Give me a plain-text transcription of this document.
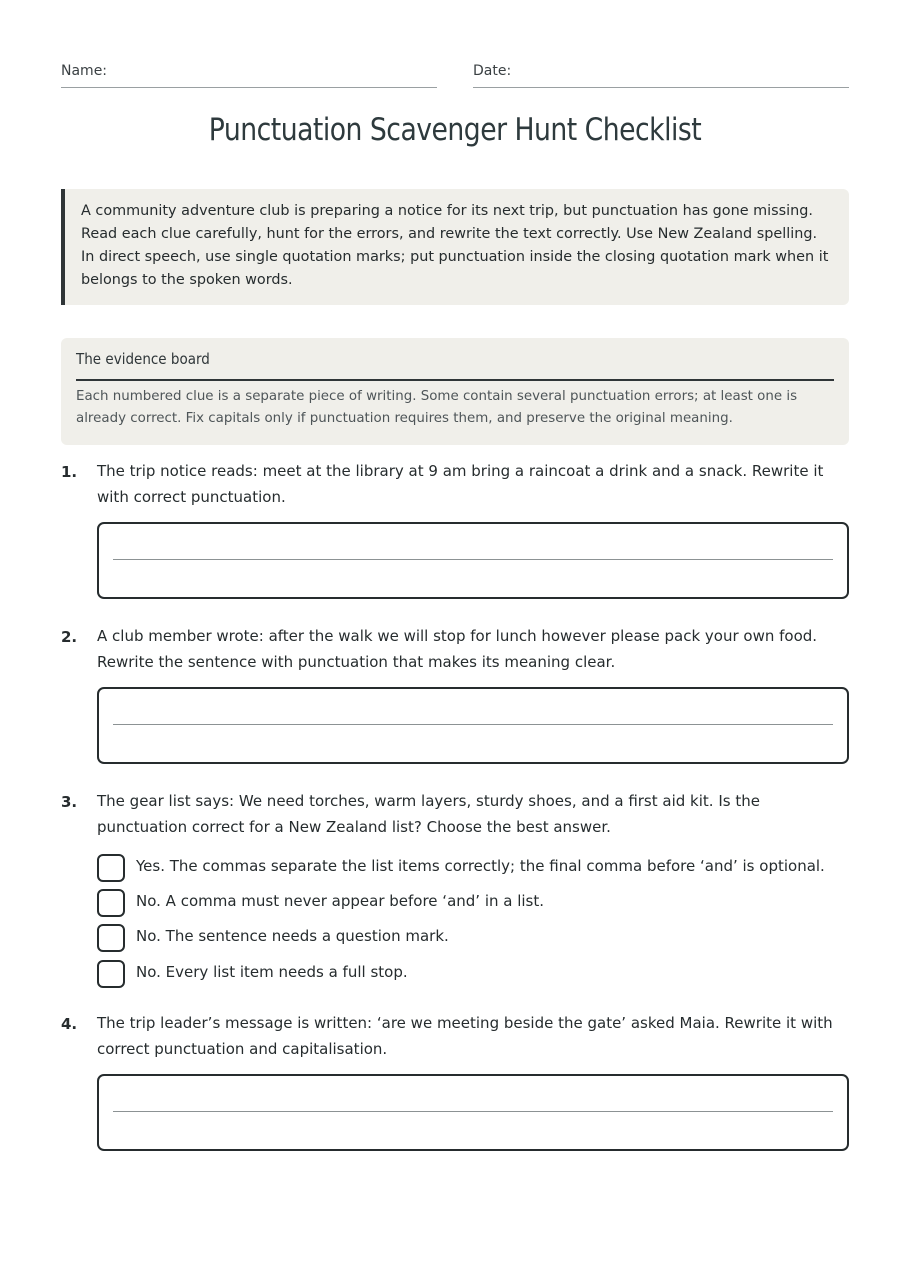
Name:	Date:
Punctuation Scavenger Hunt Checklist
A community adventure club is preparing a notice for its next trip, but punctuation has gone missing. Read each clue carefully, hunt for the errors, and rewrite the text correctly. Use New Zealand spelling. In direct speech, use single quotation marks; put punctuation inside the closing quotation mark when it belongs to the spoken words.
The evidence board
Each numbered clue is a separate piece of writing. Some contain several punctuation errors; at least one is already correct. Fix capitals only if punctuation requires them, and preserve the original meaning.
1. The trip notice reads: meet at the library at 9 am bring a raincoat a drink and a snack. Rewrite it with correct punctuation.
2. A club member wrote: after the walk we will stop for lunch however please pack your own food. Rewrite the sentence with punctuation that makes its meaning clear.
3. The gear list says: We need torches, warm layers, sturdy shoes, and a first aid kit. Is the punctuation correct for a New Zealand list? Choose the best answer.
Yes. The commas separate the list items correctly; the final comma before ‘and’ is optional.
No. A comma must never appear before ‘and’ in a list.
No. The sentence needs a question mark.
No. Every list item needs a full stop.
4. The trip leader’s message is written: ‘are we meeting beside the gate’ asked Maia. Rewrite it with correct punctuation and capitalisation.
